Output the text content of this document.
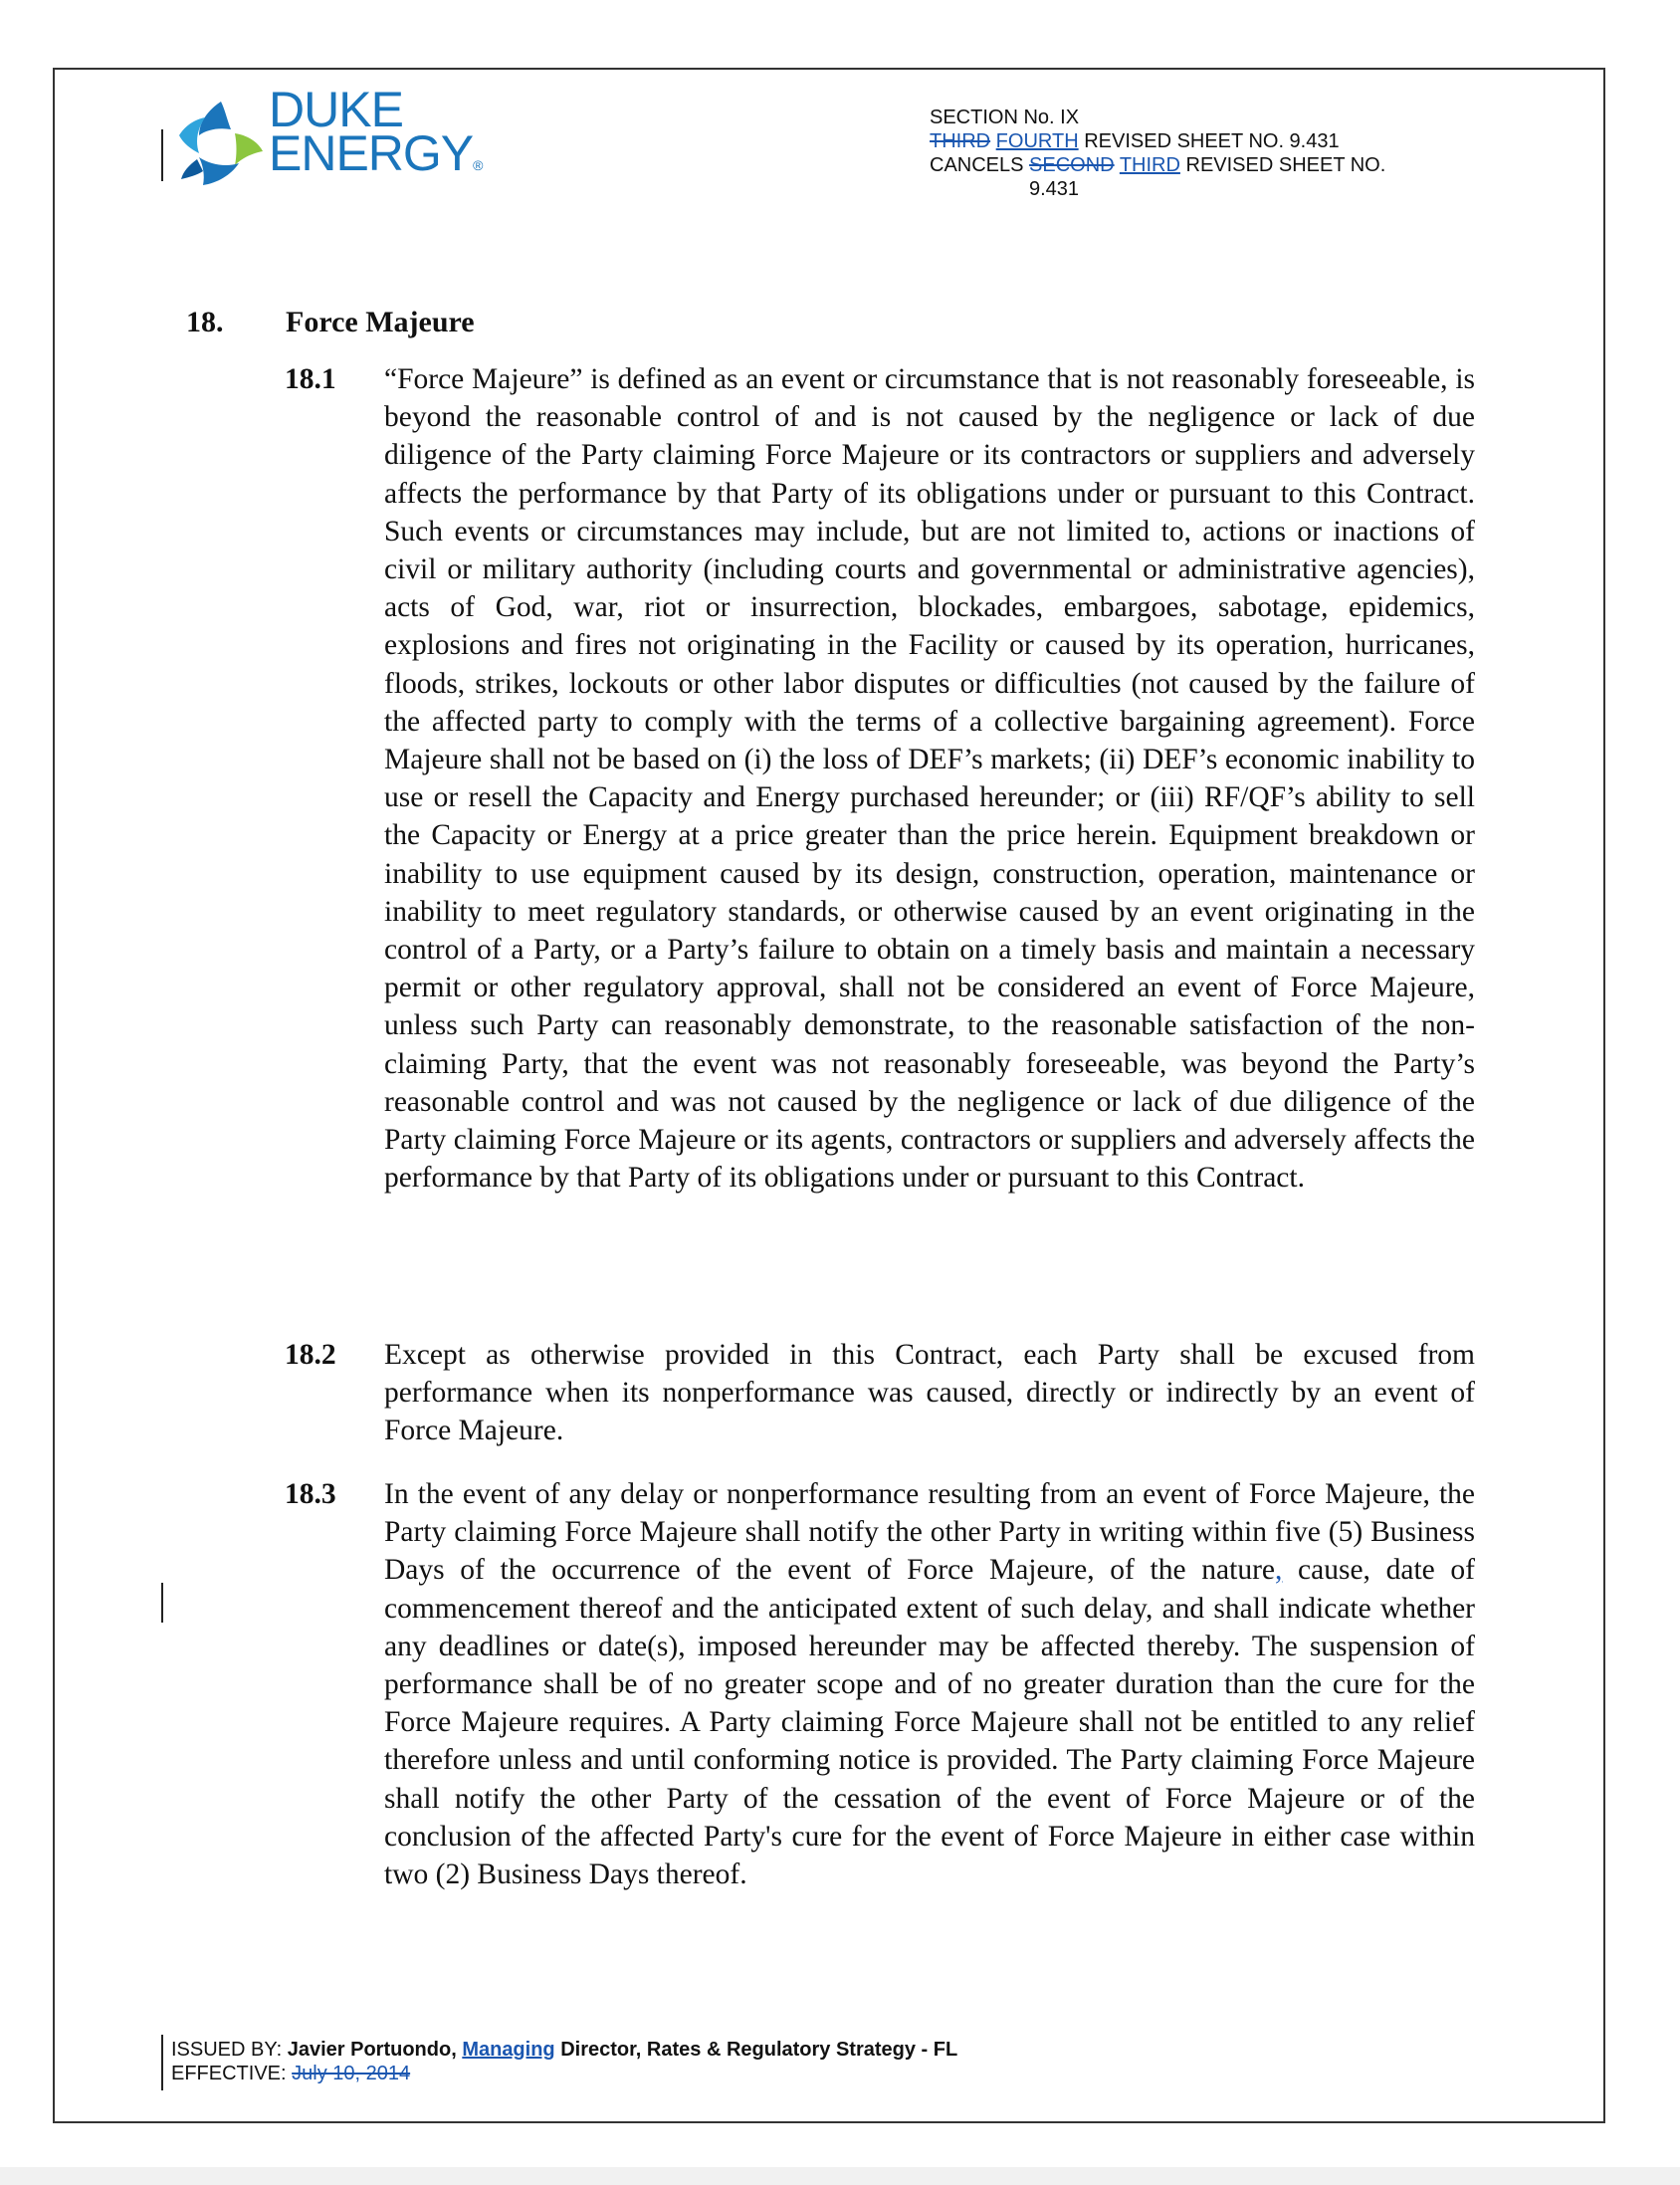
DUKE
ENERGY®
SECTION No. IX
THIRD FOURTH REVISED SHEET NO. 9.431
CANCELS SECOND THIRD REVISED SHEET NO.
9.431
18. Force Majeure
18.1 “Force Majeure” is defined as an event or circumstance that is not reasonably foreseeable, is beyond the reasonable control of and is not caused by the negligence or lack of due diligence of the Party claiming Force Majeure or its contractors or suppliers and adversely affects the performance by that Party of its obligations under or pursuant to this Contract. Such events or circumstances may include, but are not limited to, actions or inactions of civil or military authority (including courts and governmental or administrative agencies), acts of God, war, riot or insurrection, blockades, embargoes, sabotage, epidemics, explosions and fires not originating in the Facility or caused by its operation, hurricanes, floods, strikes, lockouts or other labor disputes or difficulties (not caused by the failure of the affected party to comply with the terms of a collective bargaining agreement). Force Majeure shall not be based on (i) the loss of DEF’s markets; (ii) DEF’s economic inability to use or resell the Capacity and Energy purchased hereunder; or (iii) RF/QF’s ability to sell the Capacity or Energy at a price greater than the price herein. Equipment breakdown or inability to use equipment caused by its design, construction, operation, maintenance or inability to meet regulatory standards, or otherwise caused by an event originating in the control of a Party, or a Party’s failure to obtain on a timely basis and maintain a necessary permit or other regulatory approval, shall not be considered an event of Force Majeure, unless such Party can reasonably demonstrate, to the reasonable satisfaction of the non-claiming Party, that the event was not reasonably foreseeable, was beyond the Party’s reasonable control and was not caused by the negligence or lack of due diligence of the Party claiming Force Majeure or its agents, contractors or suppliers and adversely affects the performance by that Party of its obligations under or pursuant to this Contract.
18.2 Except as otherwise provided in this Contract, each Party shall be excused from performance when its nonperformance was caused, directly or indirectly by an event of Force Majeure.
18.3 In the event of any delay or nonperformance resulting from an event of Force Majeure, the Party claiming Force Majeure shall notify the other Party in writing within five (5) Business Days of the occurrence of the event of Force Majeure, of the nature, cause, date of commencement thereof and the anticipated extent of such delay, and shall indicate whether any deadlines or date(s), imposed hereunder may be affected thereby. The suspension of performance shall be of no greater scope and of no greater duration than the cure for the Force Majeure requires. A Party claiming Force Majeure shall not be entitled to any relief therefore unless and until conforming notice is provided. The Party claiming Force Majeure shall notify the other Party of the cessation of the event of Force Majeure or of the conclusion of the affected Party's cure for the event of Force Majeure in either case within two (2) Business Days thereof.
ISSUED BY: Javier Portuondo, Managing Director, Rates & Regulatory Strategy - FL
EFFECTIVE: July 10, 2014
